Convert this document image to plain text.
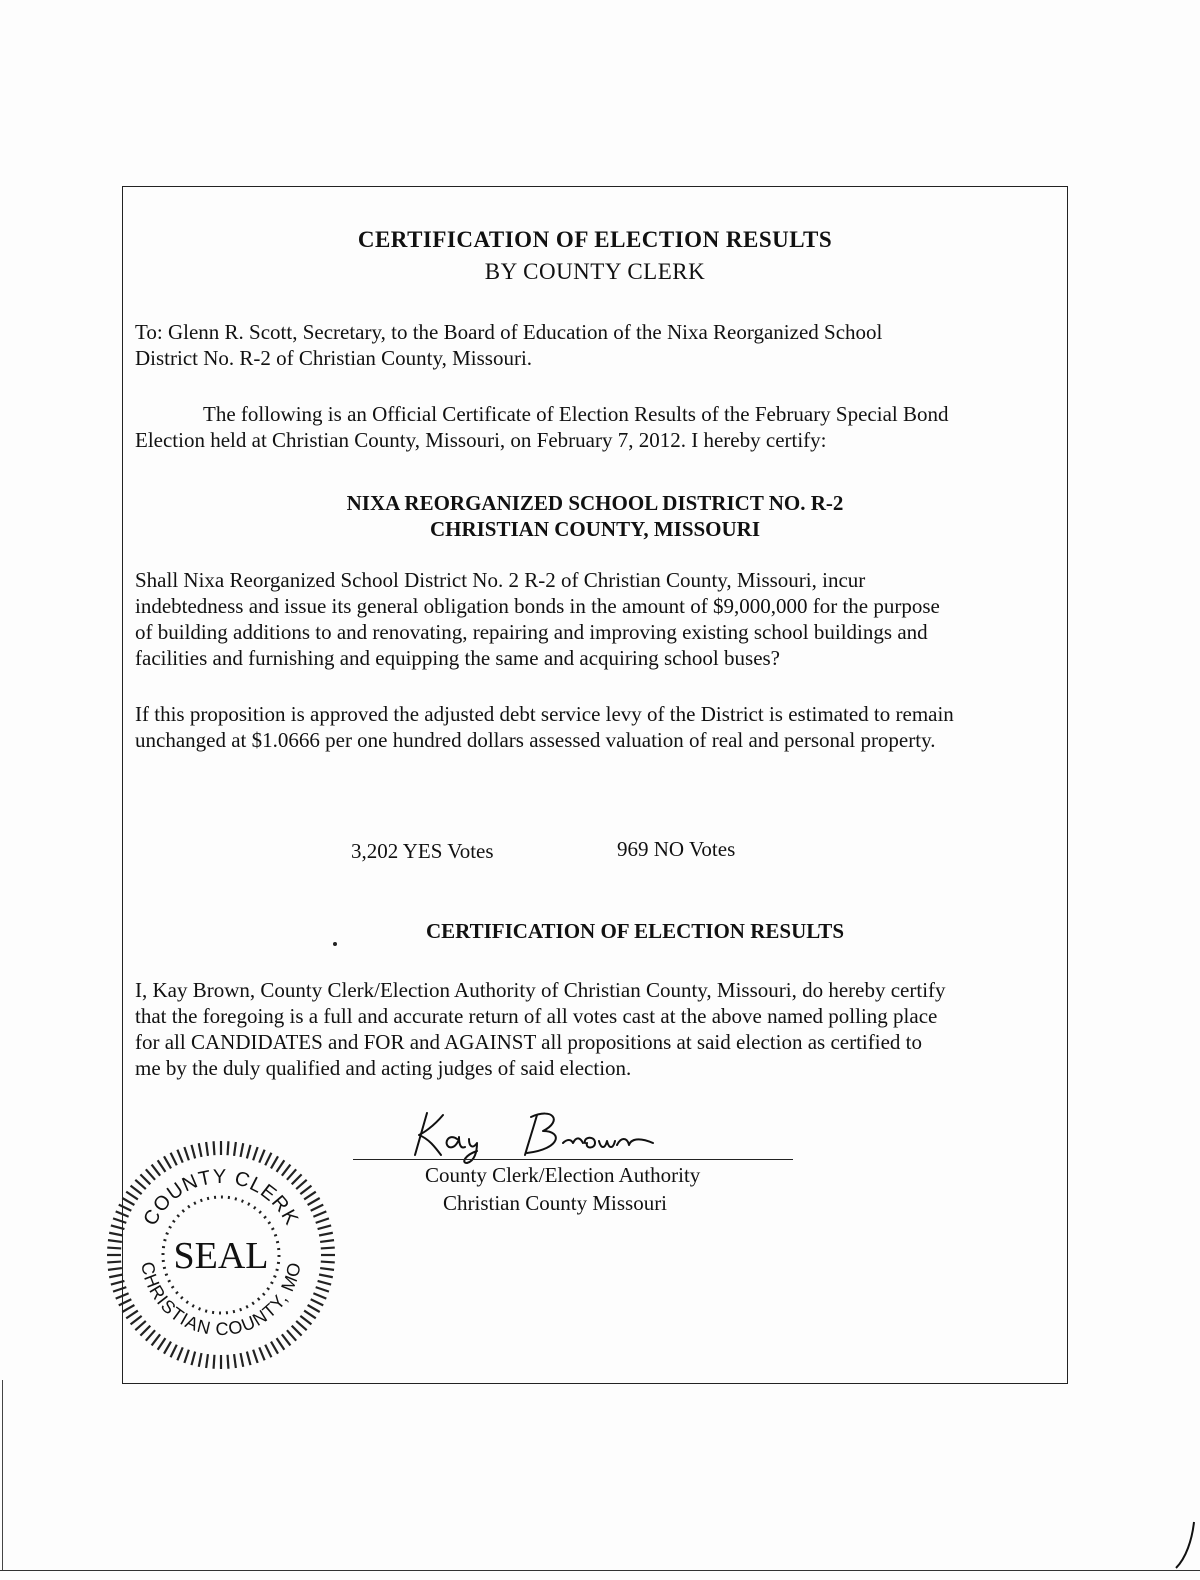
CERTIFICATION OF ELECTION RESULTS
BY COUNTY CLERK
To: Glenn R. Scott, Secretary, to the Board of Education of the Nixa Reorganized School
District No. R-2 of Christian County, Missouri.
The following is an Official Certificate of Election Results of the February Special Bond
Election held at Christian County, Missouri, on February 7, 2012. I hereby certify:
NIXA REORGANIZED SCHOOL DISTRICT NO. R-2
CHRISTIAN COUNTY, MISSOURI
Shall Nixa Reorganized School District No. 2 R-2 of Christian County, Missouri, incur
indebtedness and issue its general obligation bonds in the amount of $9,000,000 for the purpose
of building additions to and renovating, repairing and improving existing school buildings and
facilities and furnishing and equipping the same and acquiring school buses?
If this proposition is approved the adjusted debt service levy of the District is estimated to remain
unchanged at $1.0666 per one hundred dollars assessed valuation of real and personal property.
3,202 YES Votes	969 NO Votes
CERTIFICATION OF ELECTION RESULTS
I, Kay Brown, County Clerk/Election Authority of Christian County, Missouri, do hereby certify
that the foregoing is a full and accurate return of all votes cast at the above named polling place
for all CANDIDATES and FOR and AGAINST all propositions at said election as certified to
me by the duly qualified and acting judges of said election.
County Clerk/Election Authority
Christian County Missouri
COUNTY CLERK
CHRISTIAN COUNTY, MO
SEAL
